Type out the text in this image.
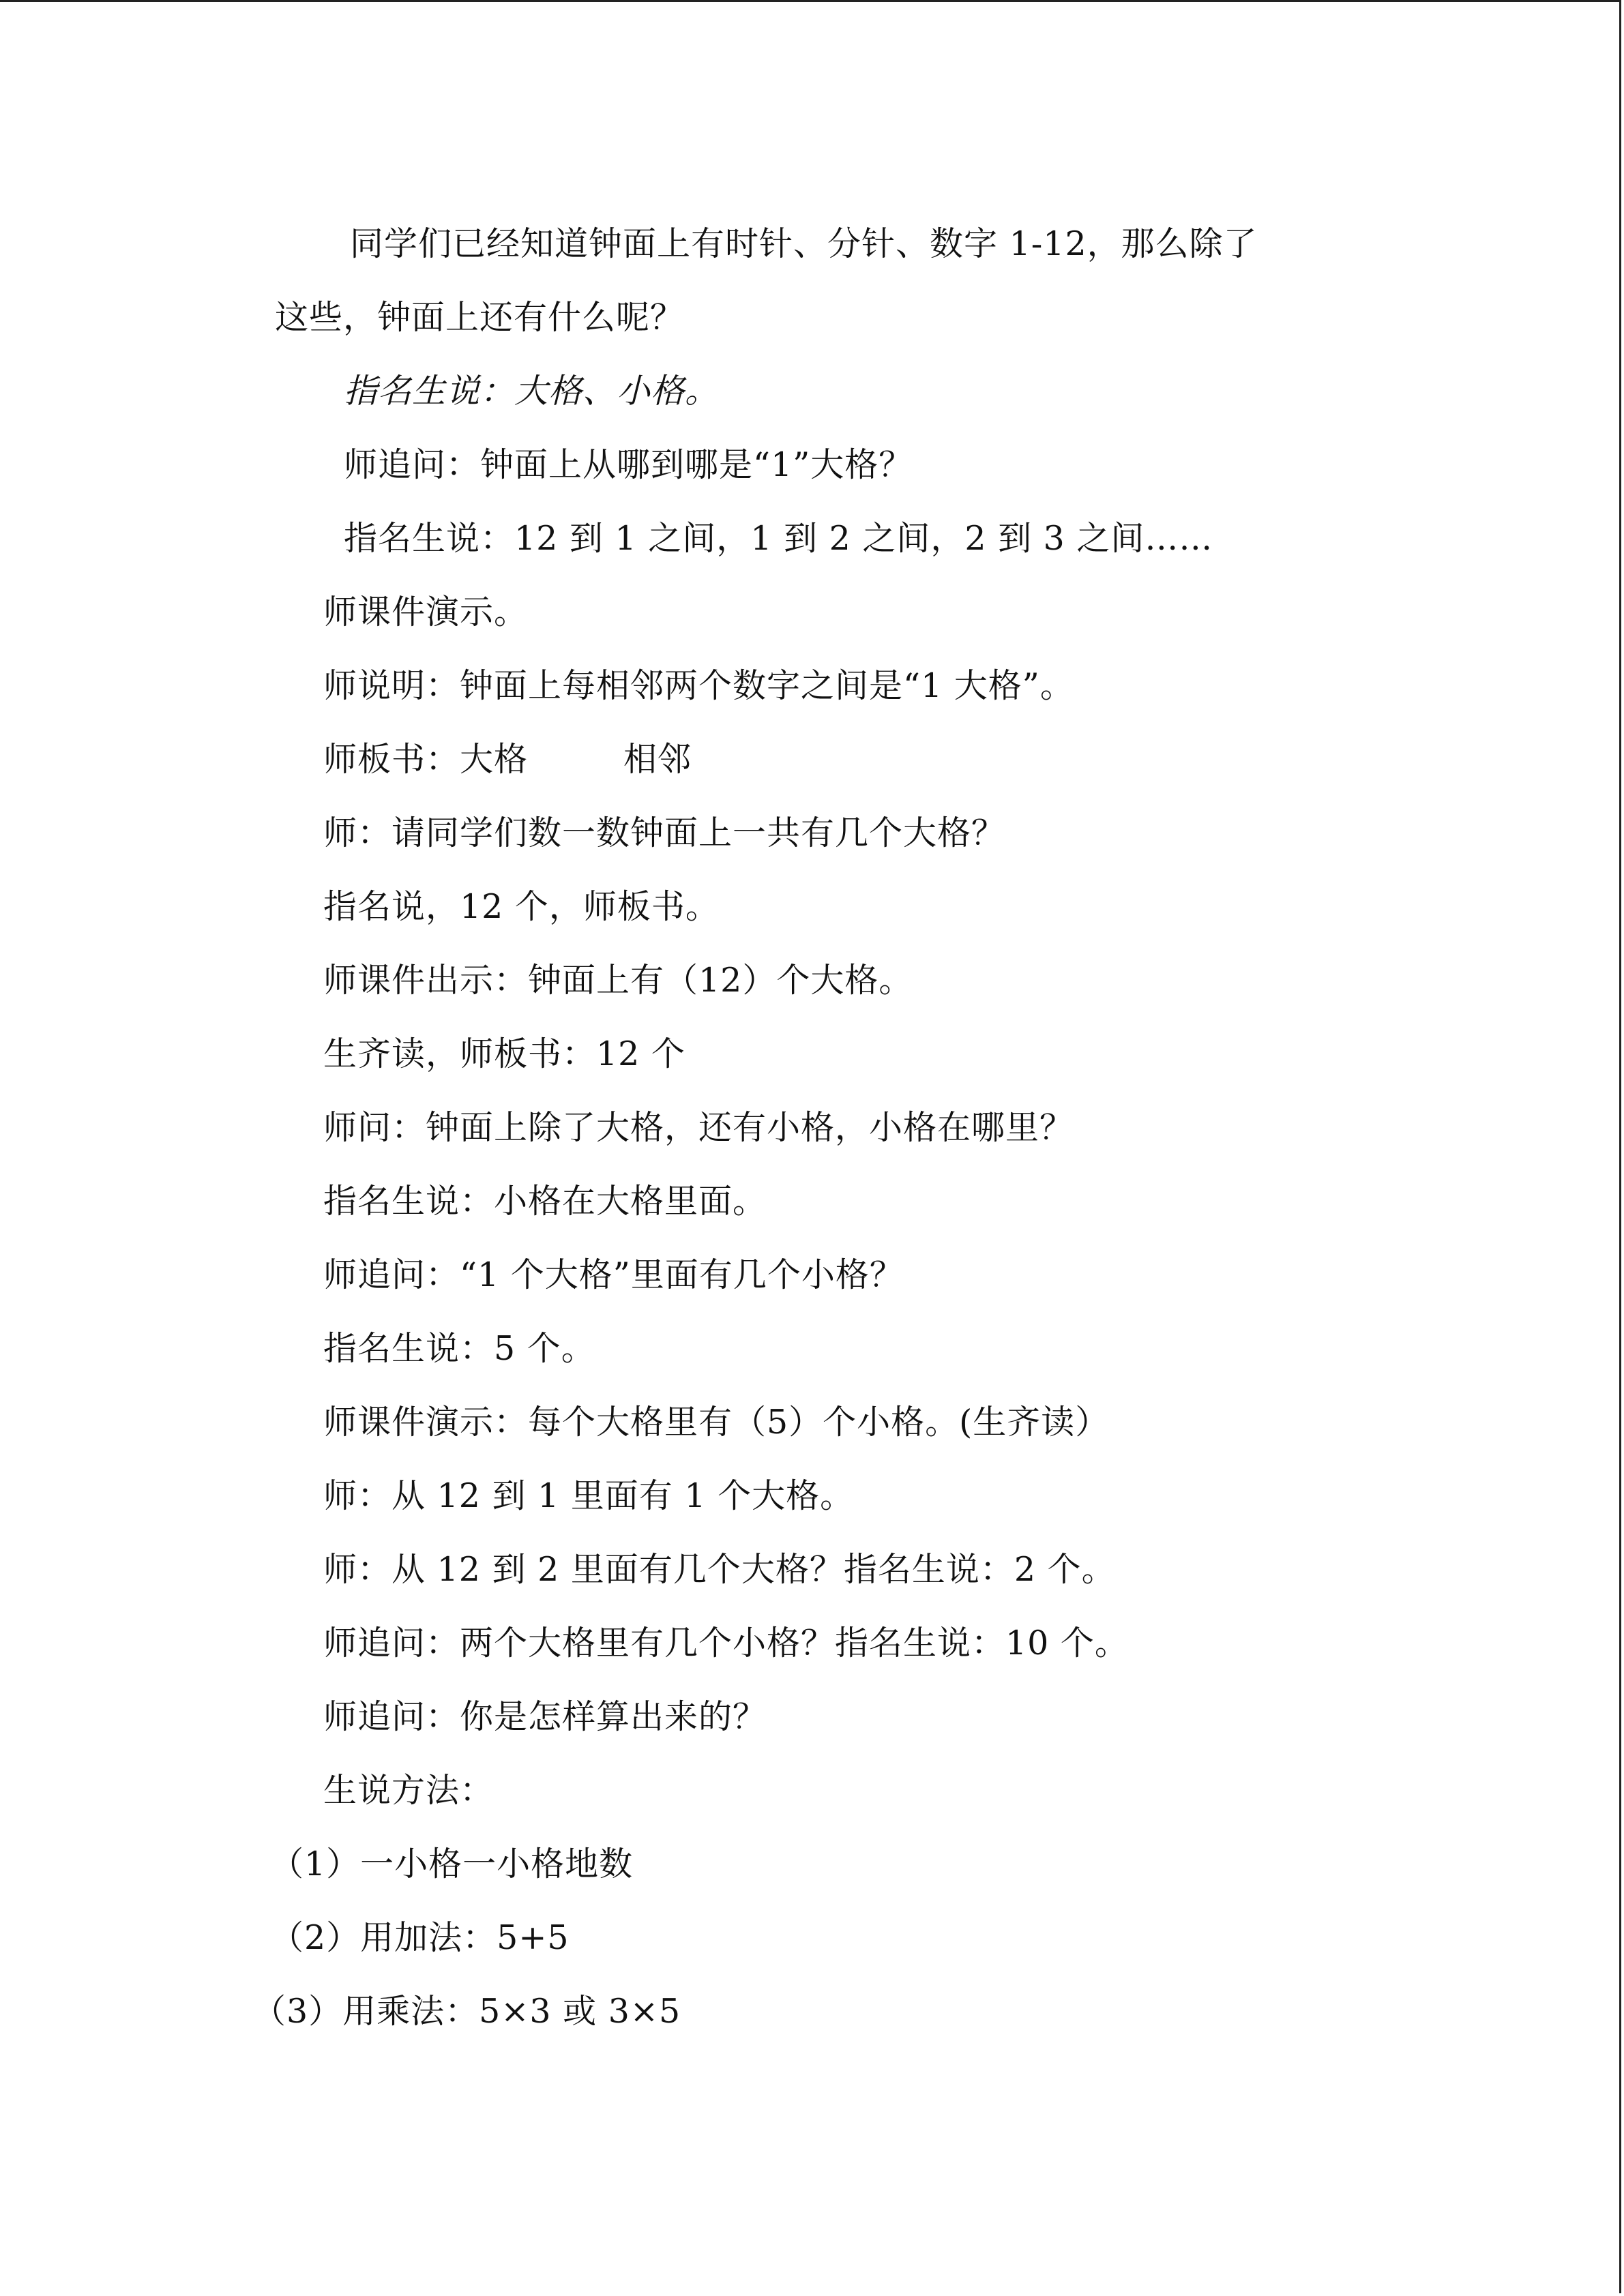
同学们已经知道钟面上有时针、分针、数字 1-12，那么除了
这些，钟面上还有什么呢？
指名生说：大格、小格。
师追问：钟面上从哪到哪是“1”大格？
指名生说：12 到 1 之间，1 到 2 之间，2 到 3 之间……
师课件演示。
师说明：钟面上每相邻两个数字之间是“1 大格”。
师板书：大格	相邻
师：请同学们数一数钟面上一共有几个大格？
指名说，12 个，师板书。
师课件出示：钟面上有（12）个大格。
生齐读，师板书：12 个
师问：钟面上除了大格，还有小格，小格在哪里？
指名生说：小格在大格里面。
师追问：“1 个大格”里面有几个小格？
指名生说：5 个。
师课件演示：每个大格里有（5）个小格。(生齐读）
师：从 12 到 1 里面有 1 个大格。
师：从 12 到 2 里面有几个大格？指名生说：2 个。
师追问：两个大格里有几个小格？指名生说：10 个。
师追问：你是怎样算出来的？
生说方法：
（1）一小格一小格地数
（2）用加法：5+5
（3）用乘法：5×3 或 3×5
